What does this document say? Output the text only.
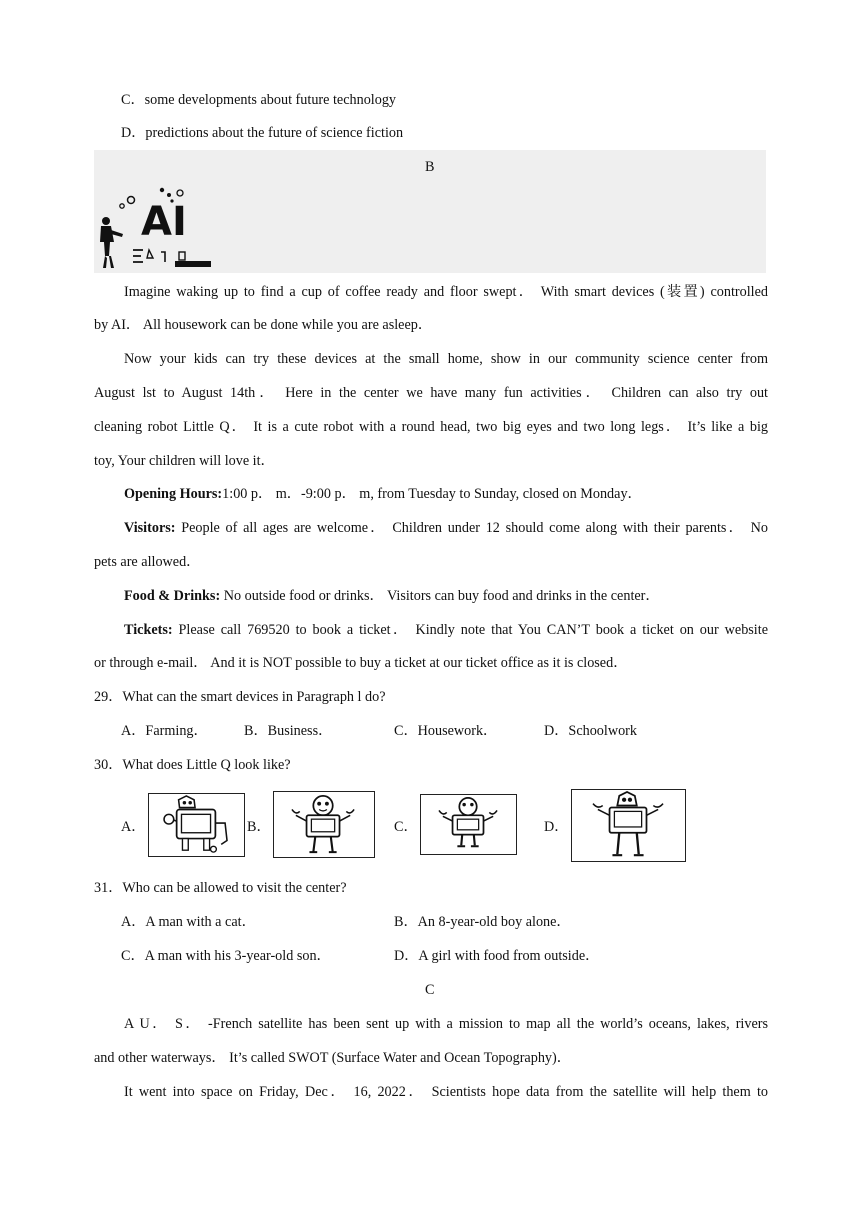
C．some developments about future technology
D．predictions about the future of science fiction
B
AI
Imagine waking up to find a cup of coffee ready and floor swept． With smart devices (装置) controlled
by AI． All housework can be done while you are asleep．
Now your kids can try these devices at the small home, show in our community science center from
August lst to August 14th． Here in the center we have many fun activities． Children can also try out
cleaning robot Little Q． It is a cute robot with a round head, two big eyes and two long legs． It’s like a big
toy, Your children will love it．
Opening Hours:1:00 p． m．-9:00 p． m, from Tuesday to Sunday, closed on Monday．
Visitors: People of all ages are welcome． Children under 12 should come along with their parents． No
pets are allowed．
Food & Drinks: No outside food or drinks． Visitors can buy food and drinks in the center．
Tickets: Please call 769520 to book a ticket． Kindly note that You CAN’T book a ticket on our website
or through e-mail． And it is NOT possible to buy a ticket at our ticket office as it is closed．
29．What can the smart devices in Paragraph l do?
A．Farming．	B．Business．	C．Housework．	D．Schoolwork
30．What does Little Q look like?
A．	B．	C．	D．
31．Who can be allowed to visit the center?
A．A man with a cat．	B．An 8-year-old boy alone．
C．A man with his 3-year-old son．	D．A girl with food from outside．
C
A U． S． -French satellite has been sent up with a mission to map all the world’s oceans, lakes, rivers
and other waterways． It’s called SWOT (Surface Water and Ocean Topography)．
It went into space on Friday, Dec． 16, 2022． Scientists hope data from the satellite will help them to
